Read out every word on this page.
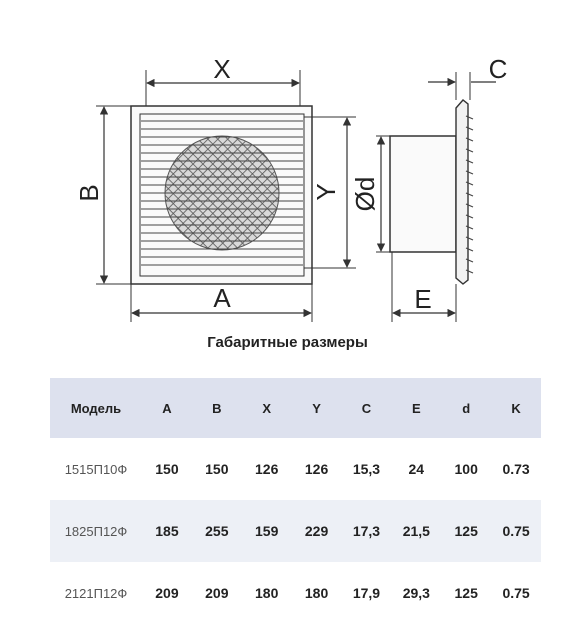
X
A
B	Y
C
E
Ød
Габаритные размеры
Модель	A	B	X	Y	C	E	d	K
1515П10Ф	150	150	126	126	15,3	24	100	0.73
1825П12Ф	185	255	159	229	17,3	21,5	125	0.75
2121П12Ф	209	209	180	180	17,9	29,3	125	0.75
